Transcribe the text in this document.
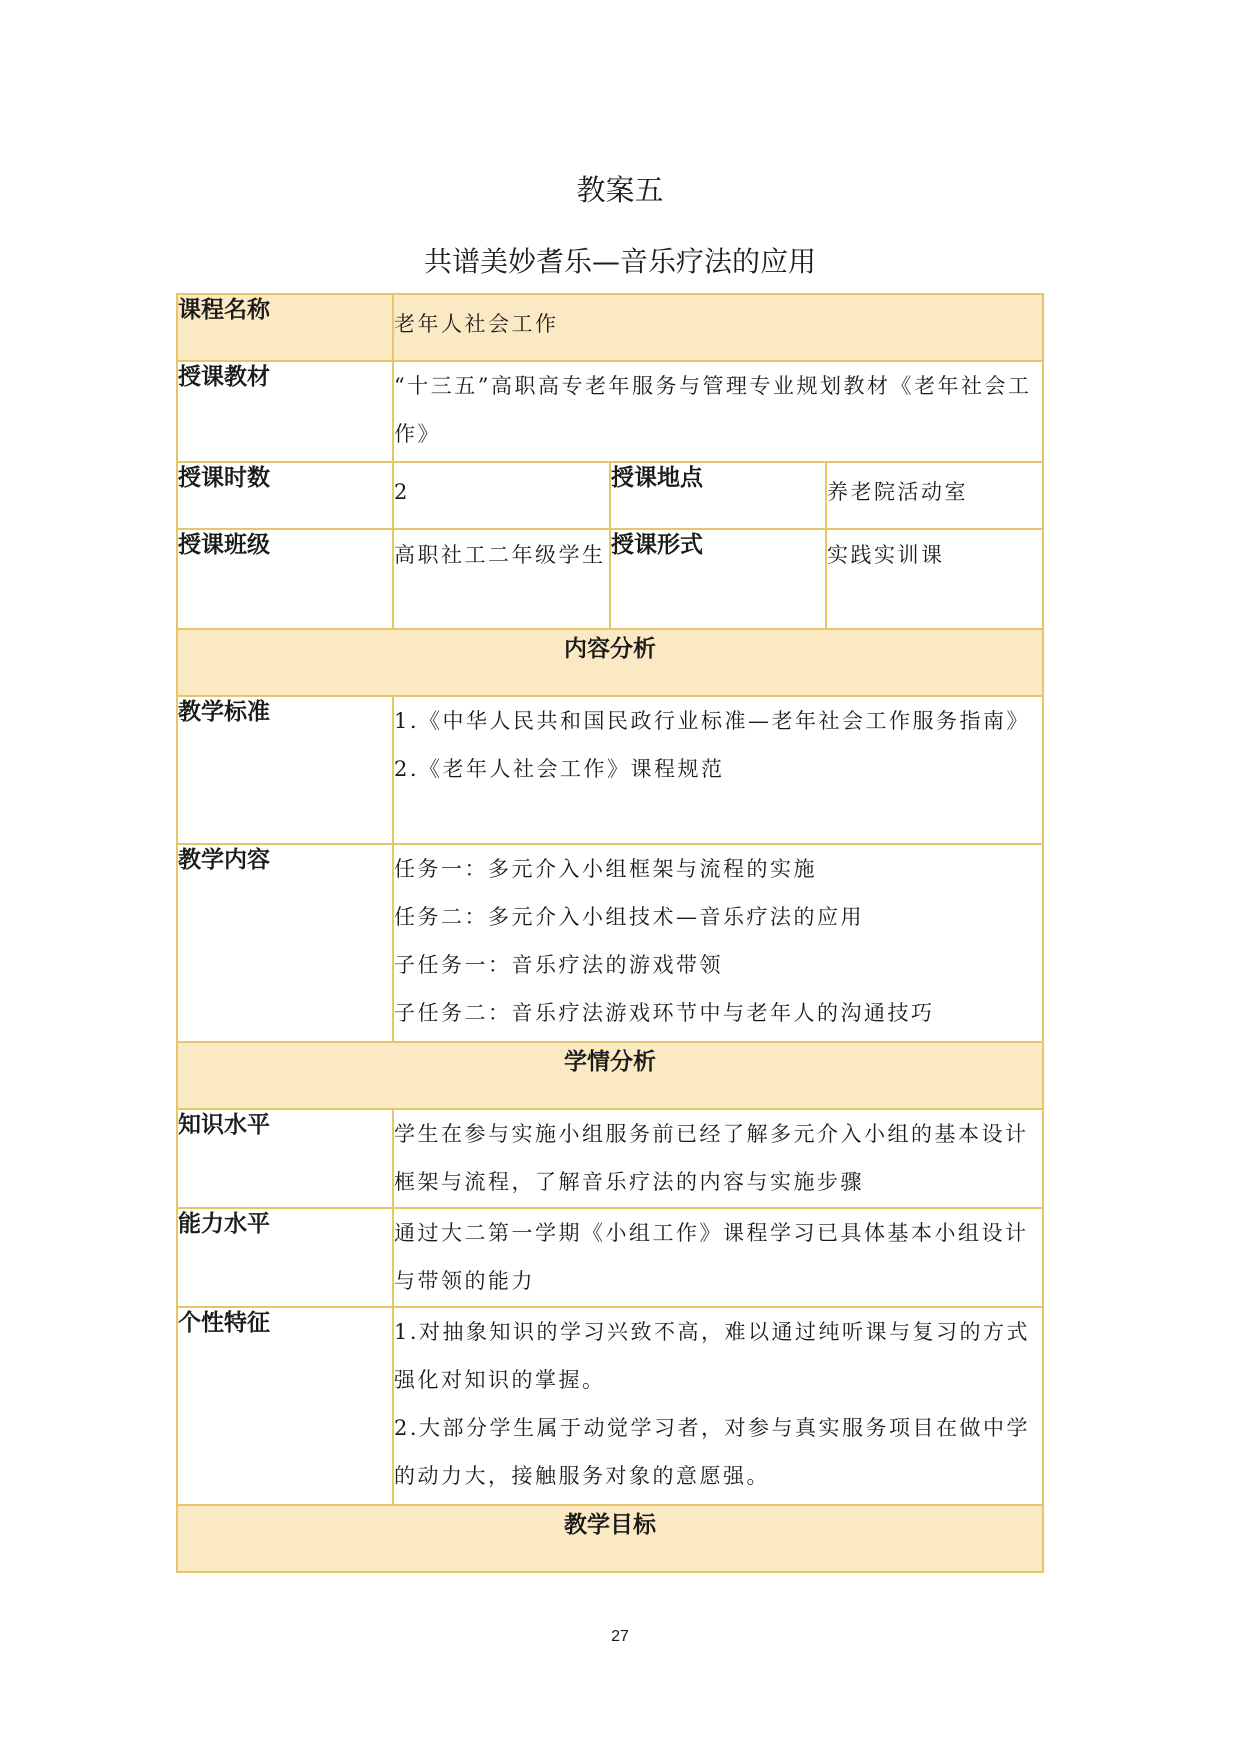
教案五
共谱美妙耆乐—音乐疗法的应用
课程名称	老年人社会工作		
授课教材	“十三五”高职高专老年服务与管理专业规划教材《老年社会工作》		
授课时数	2	授课地点	养老院活动室
授课班级	高职社工二年级学生	授课形式	实践实训课
内容分析			
教学标准	1.《中华人民共和国民政行业标准—老年社会工作服务指南》

2.《老年人社会工作》课程规范		

教学内容	任务一：多元介入小组框架与流程的实施

任务二：多元介入小组技术—音乐疗法的应用

子任务一：音乐疗法的游戏带领

子任务二：音乐疗法游戏环节中与老年人的沟通技巧		

学情分析			
知识水平	学生在参与实施小组服务前已经了解多元介入小组的基本设计框架与流程，了解音乐疗法的内容与实施步骤		
能力水平	通过大二第一学期《小组工作》课程学习已具体基本小组设计与带领的能力		
个性特征	1.对抽象知识的学习兴致不高，难以通过纯听课与复习的方式强化对知识的掌握。

2.大部分学生属于动觉学习者，对参与真实服务项目在做中学的动力大，接触服务对象的意愿强。		

教学目标			
27
